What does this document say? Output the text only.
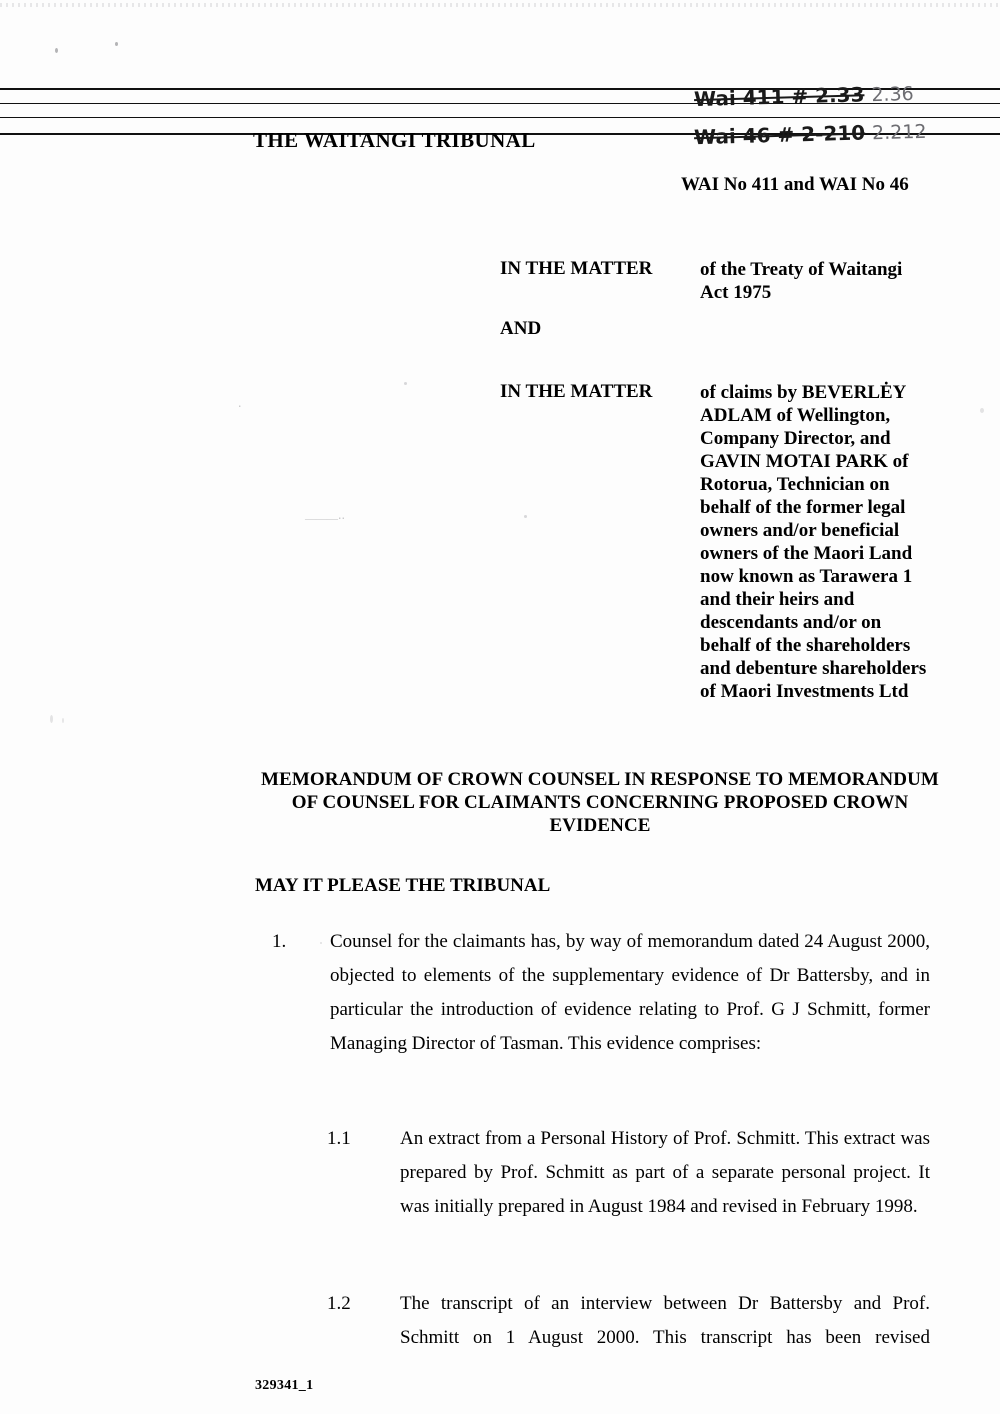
———​⋅⋅
⋅
THE WAITANGI TRIBUNAL
Wai 411 # 2.33 2.36
Wai 46 # 2-210 2.212
WAI No 411 and WAI No 46
IN THE MATTER	of the Treaty of Waitangi Act 1975
AND
IN THE MATTER	of claims by BEVERLĖY ADLAM of Wellington, Company Director, and GAVIN MOTAI PARK of Rotorua, Technician on behalf of the former legal owners and/or beneficial owners of the Maori Land now known as Tarawera 1 and their heirs and descendants and/or on behalf of the shareholders and debenture shareholders of Maori Investments Ltd
MEMORANDUM OF CROWN COUNSEL IN RESPONSE TO MEMORANDUM OF COUNSEL FOR CLAIMANTS CONCERNING PROPOSED CROWN EVIDENCE
MAY IT PLEASE THE TRIBUNAL
1.	Counsel for the claimants has, by way of memorandum dated 24 August 2000, objected to elements of the supplementary evidence of Dr Battersby, and in particular the introduction of evidence relating to Prof. G J Schmitt, former Managing Director of Tasman. This evidence comprises:
1.1	An extract from a Personal History of Prof. Schmitt. This extract was prepared by Prof. Schmitt as part of a separate personal project. It was initially prepared in August 1984 and revised in February 1998.
1.2	The transcript of an interview between Dr Battersby and Prof. Schmitt on 1 August 2000. This transcript has been revised
329341_1
